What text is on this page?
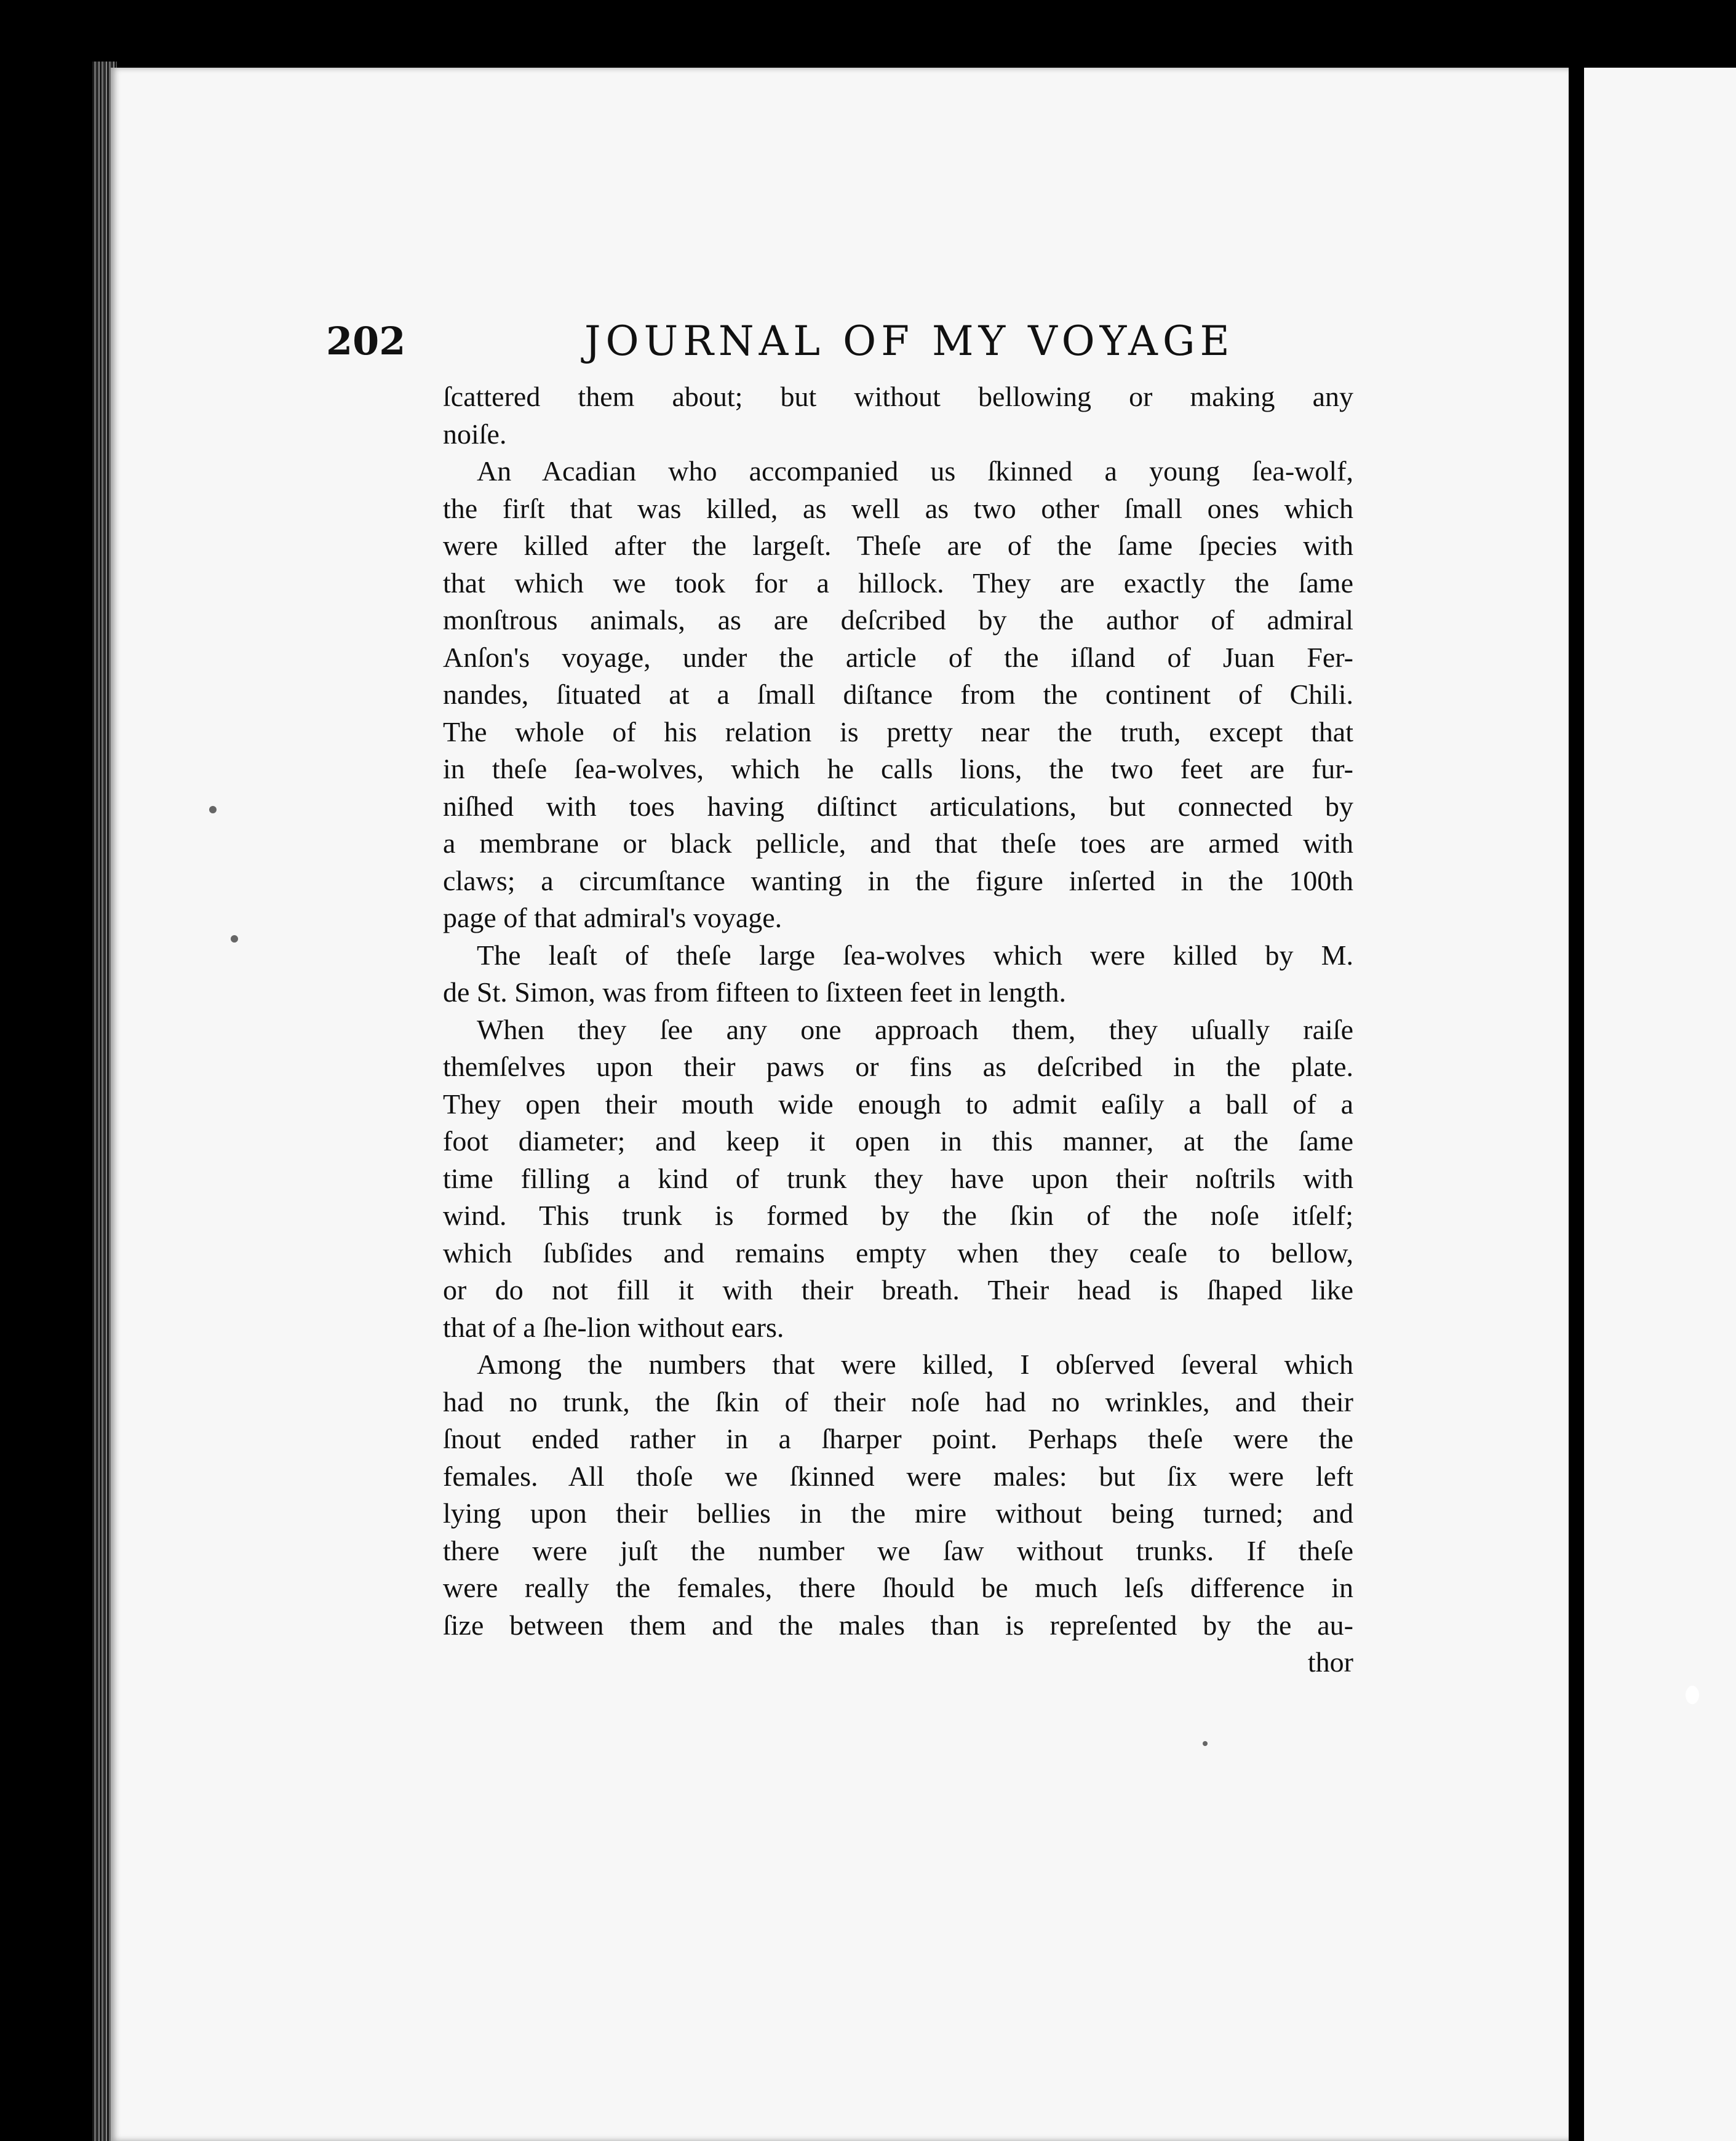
202	JOURNAL OF MY VOYAGE
ſcattered them about; but without bellowing or making any
noiſe.
An Acadian who accompanied us ſkinned a young ſea-wolf,
the firſt that was killed, as well as two other ſmall ones which
were killed after the largeſt. Theſe are of the ſame ſpecies with
that which we took for a hillock. They are exactly the ſame
monſtrous animals, as are deſcribed by the author of admiral
Anſon's voyage, under the article of the iſland of Juan Fer-
nandes, ſituated at a ſmall diſtance from the continent of Chili.
The whole of his relation is pretty near the truth, except that
in theſe ſea-wolves, which he calls lions, the two feet are fur-
niſhed with toes having diſtinct articulations, but connected by
a membrane or black pellicle, and that theſe toes are armed with
claws; a circumſtance wanting in the figure inſerted in the 100th
page of that admiral's voyage.
The leaſt of theſe large ſea-wolves which were killed by M.
de St. Simon, was from fifteen to ſixteen feet in length.
When they ſee any one approach them, they uſually raiſe
themſelves upon their paws or fins as deſcribed in the plate.
They open their mouth wide enough to admit eaſily a ball of a
foot diameter; and keep it open in this manner, at the ſame
time filling a kind of trunk they have upon their noſtrils with
wind. This trunk is formed by the ſkin of the noſe itſelf;
which ſubſides and remains empty when they ceaſe to bellow,
or do not fill it with their breath. Their head is ſhaped like
that of a ſhe-lion without ears.
Among the numbers that were killed, I obſerved ſeveral which
had no trunk, the ſkin of their noſe had no wrinkles, and their
ſnout ended rather in a ſharper point. Perhaps theſe were the
females. All thoſe we ſkinned were males: but ſix were left
lying upon their bellies in the mire without being turned; and
there were juſt the number we ſaw without trunks. If theſe
were really the females, there ſhould be much leſs difference in
ſize between them and the males than is repreſented by the au-
thor
